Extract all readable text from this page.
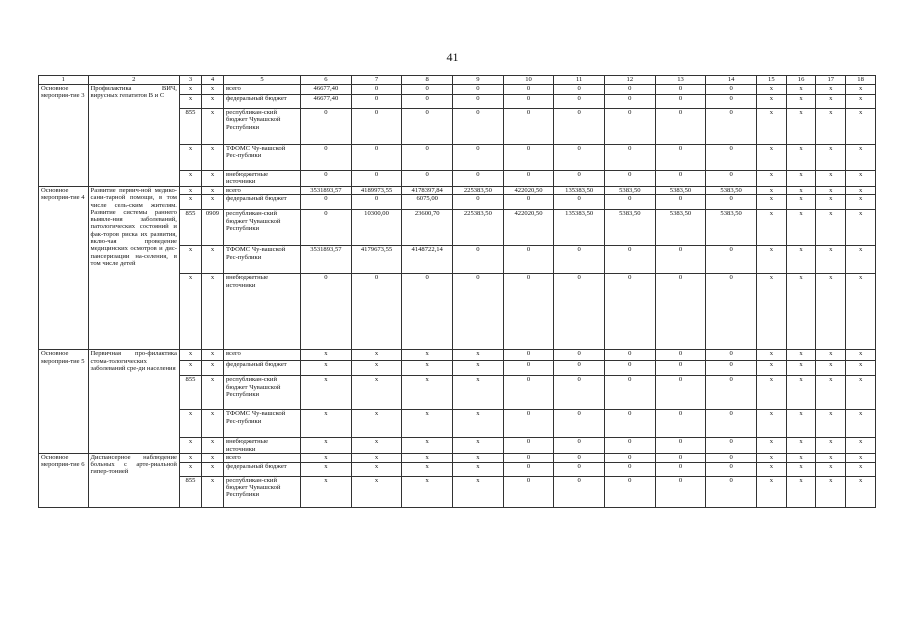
41
1	2	3	4	5	6	7	8	9	10	11	12	13	14	15	16	17	18
Основное мероприя-тие 3	Профилактика ВИЧ, вирусных гепатитов В и С	x	x	всего	46677,40	0	0	0	0	0	0	0	0	x	x	x	x
		x	x	федеральный бюджет	46677,40	0	0	0	0	0	0	0	0	x	x	x	x
		855	x	республикан-ский бюджет Чувашской Республики	0	0	0	0	0	0	0	0	0	x	x	x	x
		x	x	ТФОМС Чу-вашской Рес-публики	0	0	0	0	0	0	0	0	0	x	x	x	x
		x	x	внебюджетные источники	0	0	0	0	0	0	0	0	0	x	x	x	x
Основное мероприя-тие 4	Развитие первич-ной медико-сани-тарной помощи, в том числе сель-ским жителям. Развитие системы раннего выявле-ния заболеваний, патологических состояний и фак-торов риска их развития, вклю-чая проведение медицинских осмотров и дис-пансеризации на-селения, в том числе детей	x	x	всего	3531893,57	4189973,55	4178397,84	225383,50	422020,50	135383,50	5383,50	5383,50	5383,50	x	x	x	x
		x	x	федеральный бюджет	0	0	6075,00	0	0	0	0	0	0	x	x	x	x
		855	0909	республикан-ский бюджет Чувашской Республики	0	10300,00	23600,70	225383,50	422020,50	135383,50	5383,50	5383,50	5383,50	x	x	x	x
		x	x	ТФОМС Чу-вашской Рес-публики	3531893,57	4179673,55	4148722,14	0	0	0	0	0	0	x	x	x	x
		x	x	внебюджетные источники	0	0	0	0	0	0	0	0	0	x	x	x	x
Основное мероприя-тие 5	Первичная про-филактика стома-тологических заболеваний сре-ди населения	x	x	всего	x	x	x	x	0	0	0	0	0	x	x	x	x
		x	x	федеральный бюджет	x	x	x	x	0	0	0	0	0	x	x	x	x
		855	x	республикан-ский бюджет Чувашской Республики	x	x	x	x	0	0	0	0	0	x	x	x	x
		x	x	ТФОМС Чу-вашской Рес-публики	x	x	x	x	0	0	0	0	0	x	x	x	x
		x	x	внебюджетные источники	x	x	x	x	0	0	0	0	0	x	x	x	x
Основное мероприя-тие 6	Диспансерное наблюдение больных с арте-риальной гипер-тонией	x	x	всего	x	x	x	x	0	0	0	0	0	x	x	x	x
		x	x	федеральный бюджет	x	x	x	x	0	0	0	0	0	x	x	x	x
		855	x	республикан-ский бюджет Чувашской Республики	x	x	x	x	0	0	0	0	0	x	x	x	x
